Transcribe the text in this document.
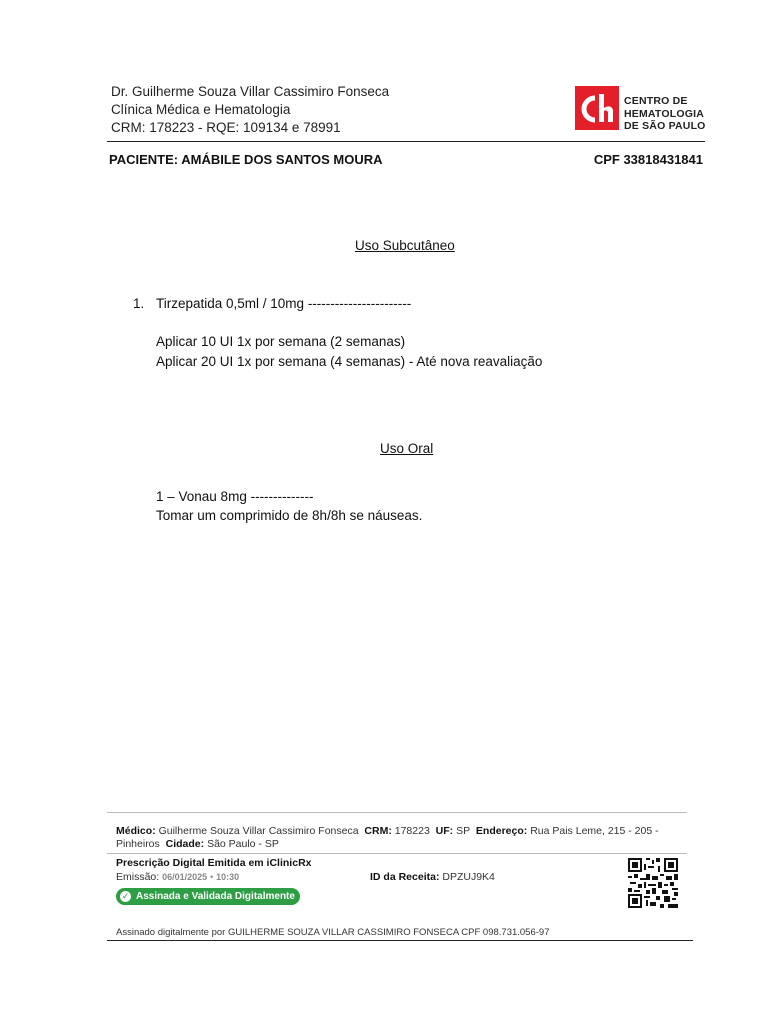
Dr. Guilherme Souza Villar Cassimiro Fonseca
Clínica Médica e Hematologia
CRM: 178223 - RQE: 109134 e 78991
CENTRO DE
HEMATOLOGIA
DE SÃO PAULO
PACIENTE: AMÁBILE DOS SANTOS MOURA	CPF 33818431841
Uso Subcutâneo
1. Tirzepatida 0,5ml / 10mg -----------------------
Aplicar 10 UI 1x por semana (2 semanas)
Aplicar 20 UI 1x por semana (4 semanas) - Até nova reavaliação
Uso Oral
1 – Vonau 8mg --------------
Tomar um comprimido de 8h/8h se náuseas.
Médico: Guilherme Souza Villar Cassimiro Fonseca CRM: 178223 UF: SP Endereço: Rua Pais Leme, 215 - 205 -
Pinheiros Cidade: São Paulo - SP
Prescrição Digital Emitida em iClinicRx
Emissão: 06/01/2025 • 10:30	ID da Receita: DPZUJ9K4
✓ Assinada e Validada Digitalmente
Assinado digitalmente por GUILHERME SOUZA VILLAR CASSIMIRO FONSECA CPF 098.731.056-97
